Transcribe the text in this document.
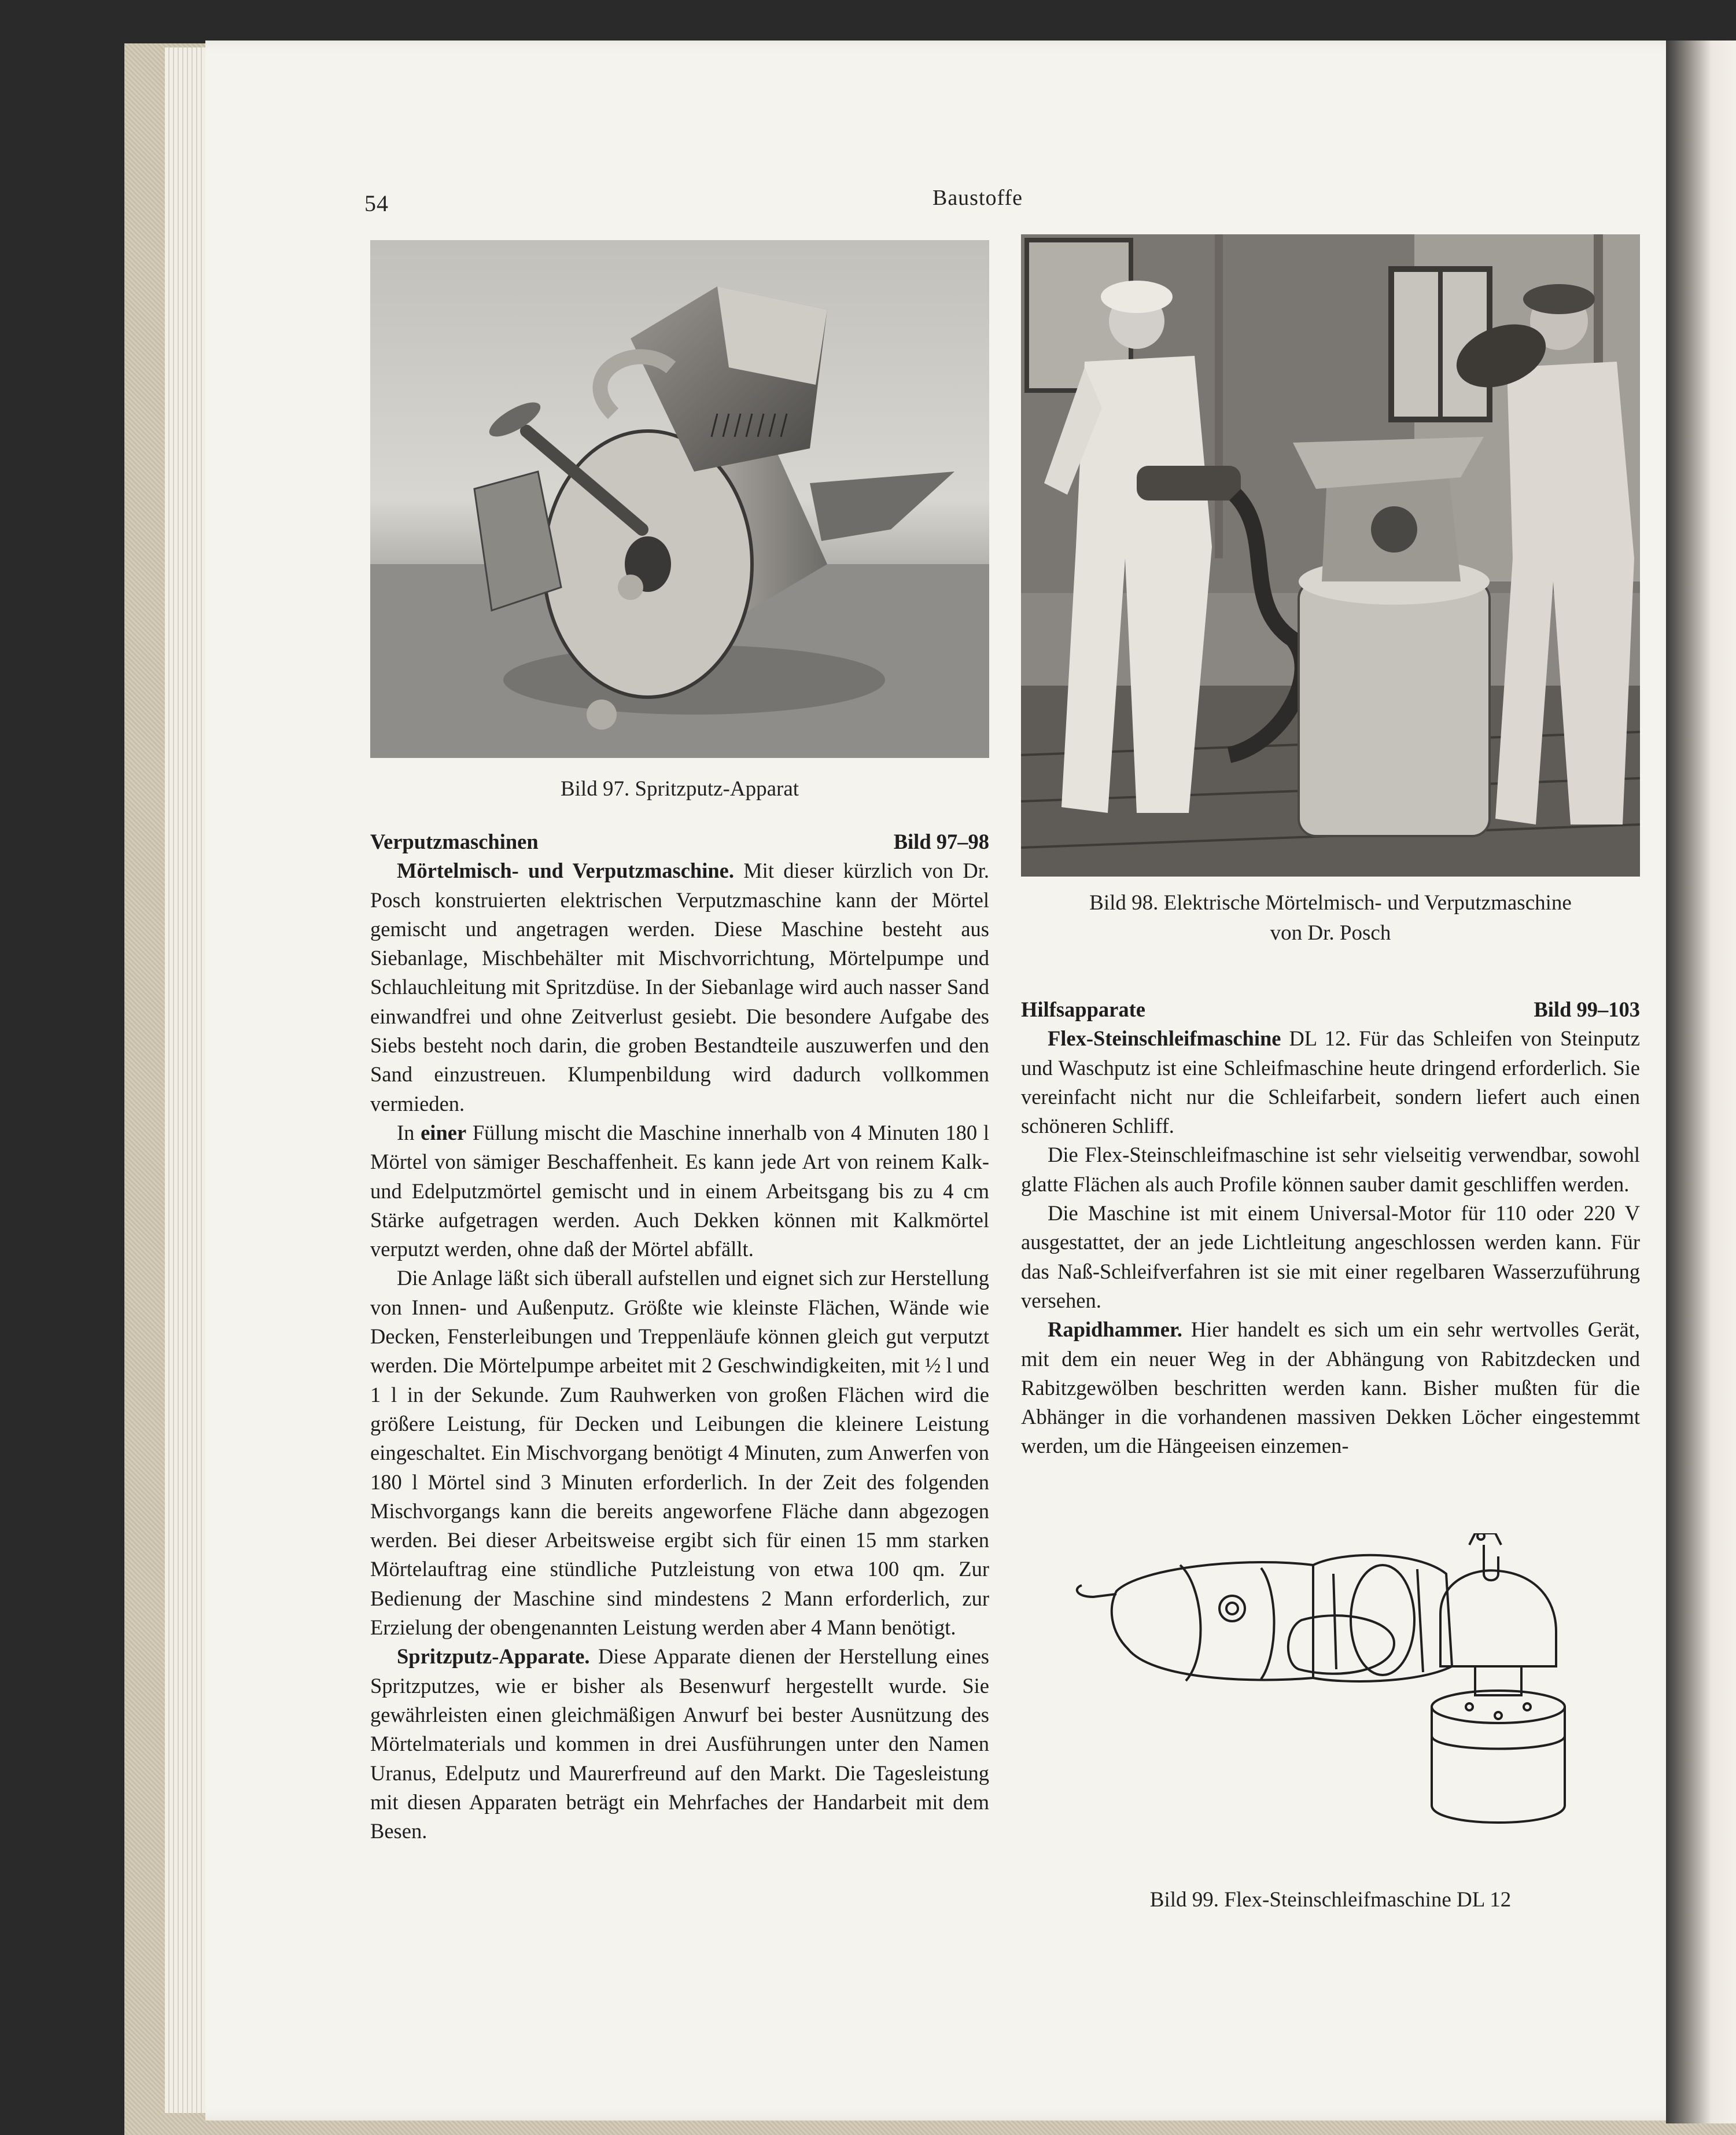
54	Baustoffe
Bild 97. Spritzputz-Apparat
Bild 98. Elektrische Mörtelmisch- und Verputzmaschine
von Dr. Posch
Verputzmaschinen	Bild 97–98

Mörtelmisch- und Verputzmaschine. Mit dieser kürzlich von Dr. Posch konstruierten elektrischen Verputzmaschine kann der Mörtel gemischt und angetragen werden. Diese Maschine besteht aus Siebanlage, Mischbehälter mit Mischvorrichtung, Mörtelpumpe und Schlauchleitung mit Spritzdüse. In der Siebanlage wird auch nasser Sand einwandfrei und ohne Zeitverlust gesiebt. Die besondere Aufgabe des Siebs besteht noch darin, die groben Bestandteile auszuwerfen und den Sand einzustreuen. Klumpenbildung wird dadurch vollkommen vermieden.

In einer Füllung mischt die Maschine innerhalb von 4 Minuten 180 l Mörtel von sämiger Beschaffenheit. Es kann jede Art von reinem Kalk- und Edelputzmörtel gemischt und in einem Arbeitsgang bis zu 4 cm Stärke aufgetragen werden. Auch Dekken können mit Kalkmörtel verputzt werden, ohne daß der Mörtel abfällt.

Die Anlage läßt sich überall aufstellen und eignet sich zur Herstellung von Innen- und Außenputz. Größte wie kleinste Flächen, Wände wie Decken, Fensterleibungen und Treppenläufe können gleich gut verputzt werden. Die Mörtelpumpe arbeitet mit 2 Geschwindigkeiten, mit ½ l und 1 l in der Sekunde. Zum Rauhwerken von großen Flächen wird die größere Leistung, für Decken und Leibungen die kleinere Leistung eingeschaltet. Ein Mischvorgang benötigt 4 Minuten, zum Anwerfen von 180 l Mörtel sind 3 Minuten erforderlich. In der Zeit des folgenden Mischvorgangs kann die bereits angeworfene Fläche dann abgezogen werden. Bei dieser Arbeitsweise ergibt sich für einen 15 mm starken Mörtelauftrag eine stündliche Putzleistung von etwa 100 qm. Zur Bedienung der Maschine sind mindestens 2 Mann erforderlich, zur Erzielung der obengenannten Leistung werden aber 4 Mann benötigt.

Spritzputz-Apparate. Diese Apparate dienen der Herstellung eines Spritzputzes, wie er bisher als Besenwurf hergestellt wurde. Sie gewährleisten einen gleichmäßigen Anwurf bei bester Ausnützung des Mörtelmaterials und kommen in drei Ausführungen unter den Namen Uranus, Edelputz und Maurerfreund auf den Markt. Die Tagesleistung mit diesen Apparaten beträgt ein Mehrfaches der Handarbeit mit dem Besen.

Hilfsapparate	Bild 99–103

Flex-Steinschleifmaschine DL 12. Für das Schleifen von Steinputz und Waschputz ist eine Schleifmaschine heute dringend erforderlich. Sie vereinfacht nicht nur die Schleifarbeit, sondern liefert auch einen schöneren Schliff.

Die Flex-Steinschleifmaschine ist sehr vielseitig verwendbar, sowohl glatte Flächen als auch Profile können sauber damit geschliffen werden.

Die Maschine ist mit einem Universal-Motor für 110 oder 220 V ausgestattet, der an jede Lichtleitung angeschlossen werden kann. Für das Naß-Schleifverfahren ist sie mit einer regelbaren Wasserzuführung versehen.

Rapidhammer. Hier handelt es sich um ein sehr wertvolles Gerät, mit dem ein neuer Weg in der Abhängung von Rabitzdecken und Rabitzgewölben beschritten werden kann. Bisher mußten für die Abhänger in die vorhandenen massiven Dekken Löcher eingestemmt werden, um die Hängeeisen einzemen-

Bild 99. Flex-Steinschleifmaschine DL 12
